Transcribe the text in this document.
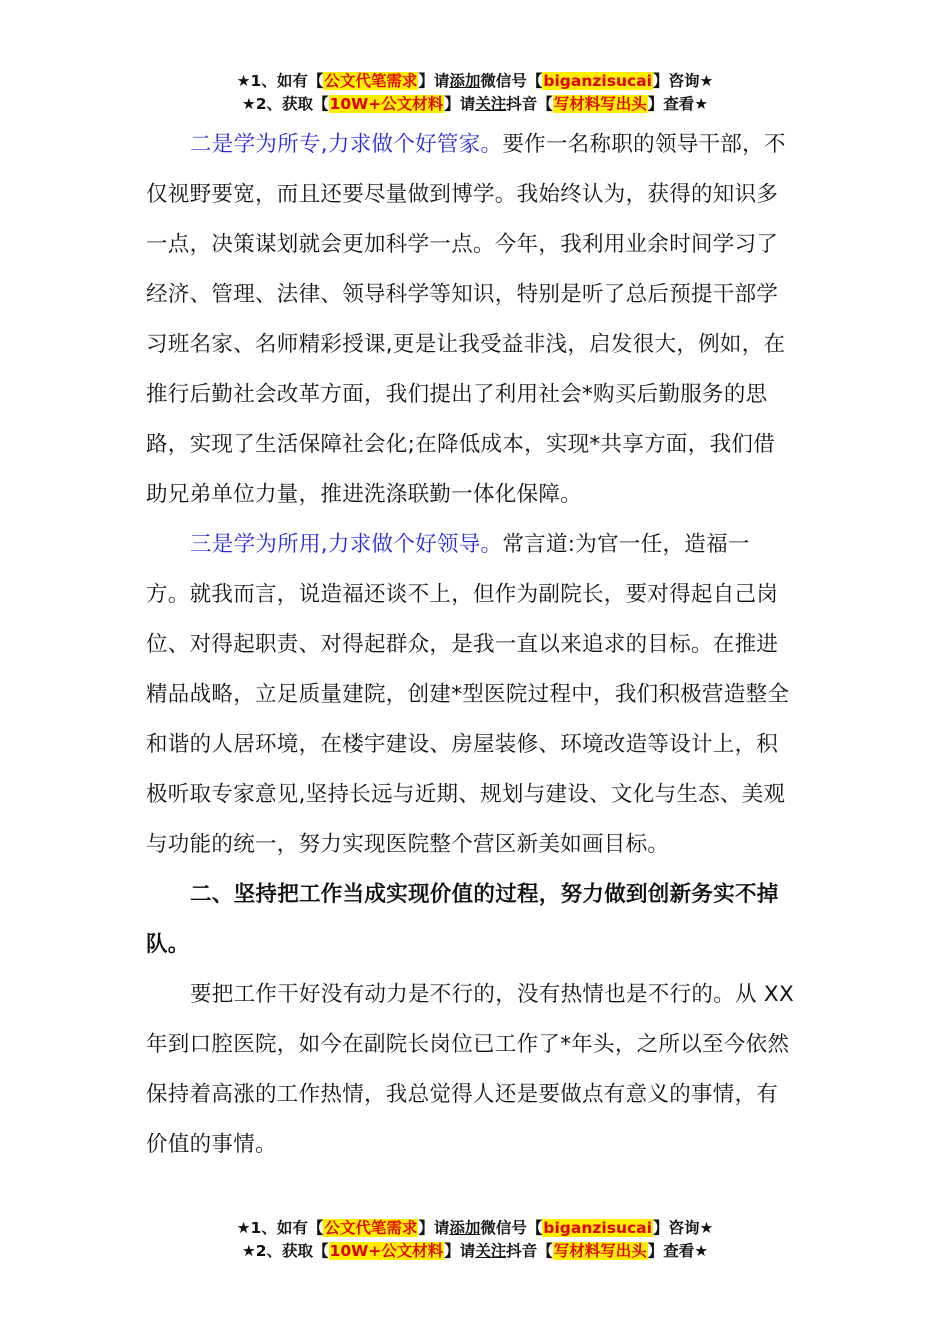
★1、如有【公文代笔需求】请添加微信号【biganzisucai】咨询★
★2、获取【10W+公文材料】请关注抖音【写材料写出头】查看★

二是学为所专,力求做个好管家。要作一名称职的领导干部，不

仅视野要宽，而且还要尽量做到博学。我始终认为，获得的知识多

一点，决策谋划就会更加科学一点。今年，我利用业余时间学习了

经济、管理、法律、领导科学等知识，特别是听了总后预提干部学

习班名家、名师精彩授课,更是让我受益非浅，启发很大，例如，在

推行后勤社会改革方面，我们提出了利用社会*购买后勤服务的思

路，实现了生活保障社会化;在降低成本，实现*共享方面，我们借

助兄弟单位力量，推进洗涤联勤一体化保障。

三是学为所用,力求做个好领导。常言道:为官一任，造福一

方。就我而言，说造福还谈不上，但作为副院长，要对得起自己岗

位、对得起职责、对得起群众，是我一直以来追求的目标。在推进

精品战略，立足质量建院，创建*型医院过程中，我们积极营造整全

和谐的人居环境，在楼宇建设、房屋装修、环境改造等设计上，积

极听取专家意见,坚持长远与近期、规划与建设、文化与生态、美观

与功能的统一，努力实现医院整个营区新美如画目标。

二、坚持把工作当成实现价值的过程，努力做到创新务实不掉

队。

要把工作干好没有动力是不行的，没有热情也是不行的。从 XX

年到口腔医院，如今在副院长岗位已工作了*年头，之所以至今依然

保持着高涨的工作热情，我总觉得人还是要做点有意义的事情，有

价值的事情。

★1、如有【公文代笔需求】请添加微信号【biganzisucai】咨询★
★2、获取【10W+公文材料】请关注抖音【写材料写出头】查看★
